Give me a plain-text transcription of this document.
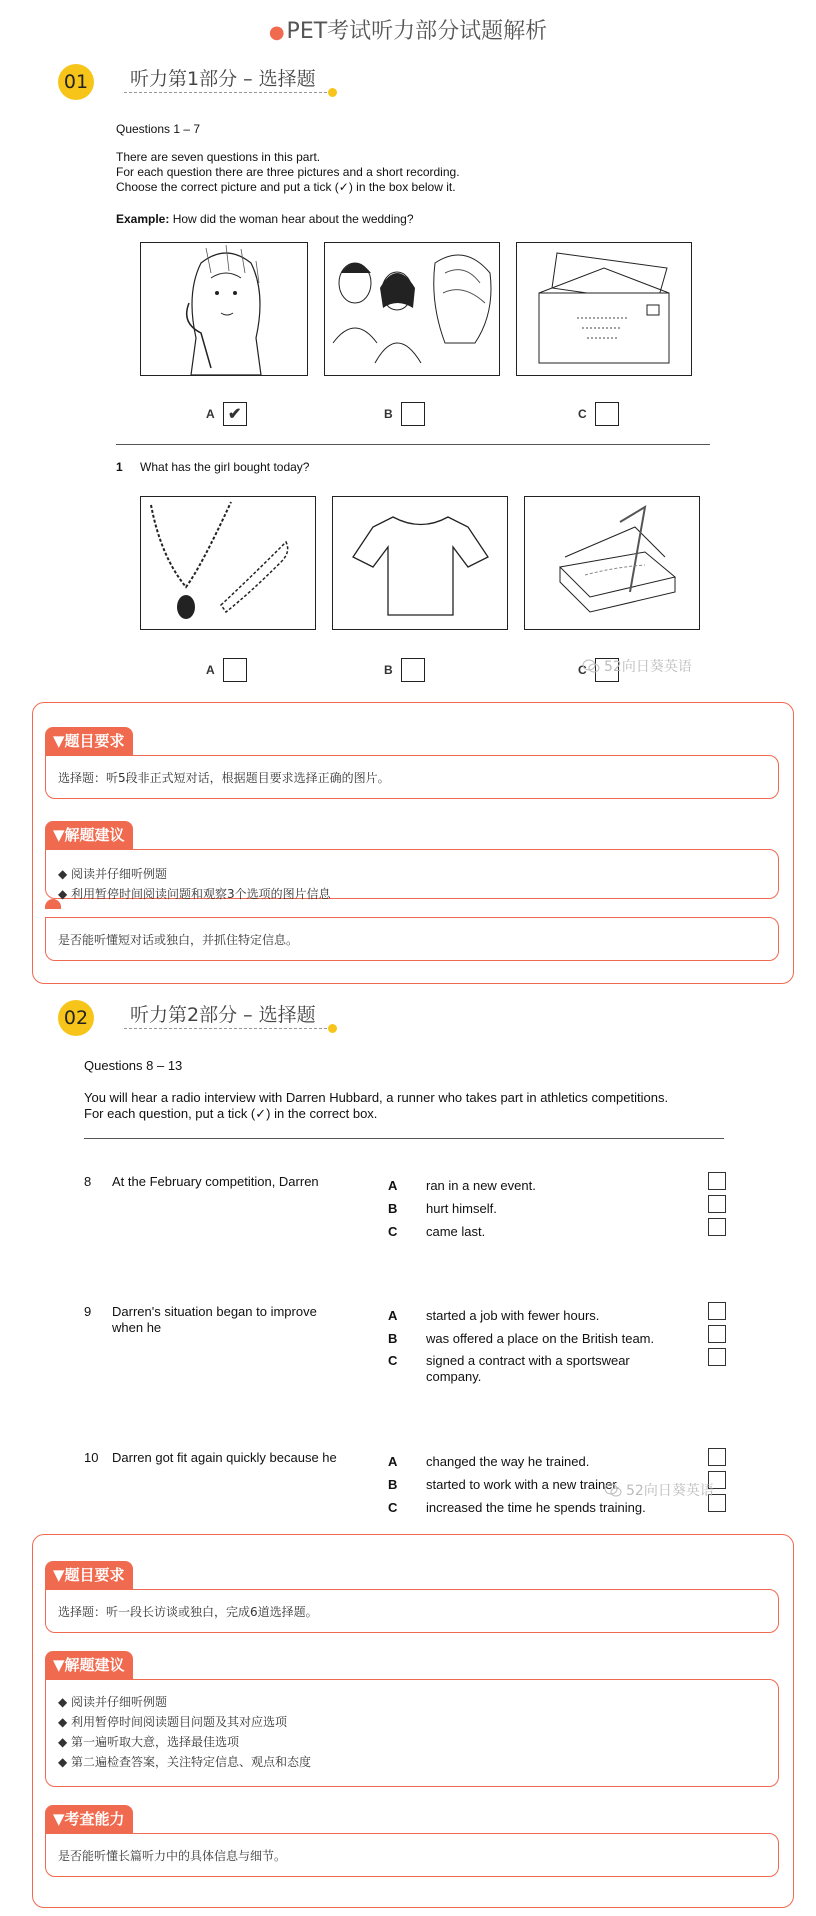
●PET考试听力部分试题解析
01	听力第1部分 – 选择题
Questions 1 – 7
There are seven questions in this part.
For each question there are three pictures and a short recording.
Choose the correct picture and put a tick (✓) in the box below it.
Example: How did the woman hear about the wedding?
A ✔	B	C
1 What has the girl bought today?
A	B	C 52向日葵英语
▼题目要求
选择题：听5段非正式短对话，根据题目要求选择正确的图片。
▼解题建议
◆ 阅读并仔细听例题
◆ 利用暂停时间阅读问题和观察3个选项的图片信息
是否能听懂短对话或独白，并抓住特定信息。
02	听力第2部分 – 选择题
Questions 8 – 13
You will hear a radio interview with Darren Hubbard, a runner who takes part in athletics competitions.
For each question, put a tick (✓) in the correct box.
8 At the February competition, Darren	A ran in a new event.
B hurt himself.
C came last.
9 Darren's situation began to improve
when he
A started a job with fewer hours.
B was offered a place on the British team.
C signed a contract with a sportswear
company.
10 Darren got fit again quickly because he	A changed the way he trained.
B started to work with a new trainer.
C increased the time he spends training.
52向日葵英语
▼题目要求
选择题：听一段长访谈或独白，完成6道选择题。
▼解题建议
◆ 阅读并仔细听例题
◆ 利用暂停时间阅读题目问题及其对应选项
◆ 第一遍听取大意，选择最佳选项
◆ 第二遍检查答案，关注特定信息、观点和态度
▼考查能力
是否能听懂长篇听力中的具体信息与细节。
